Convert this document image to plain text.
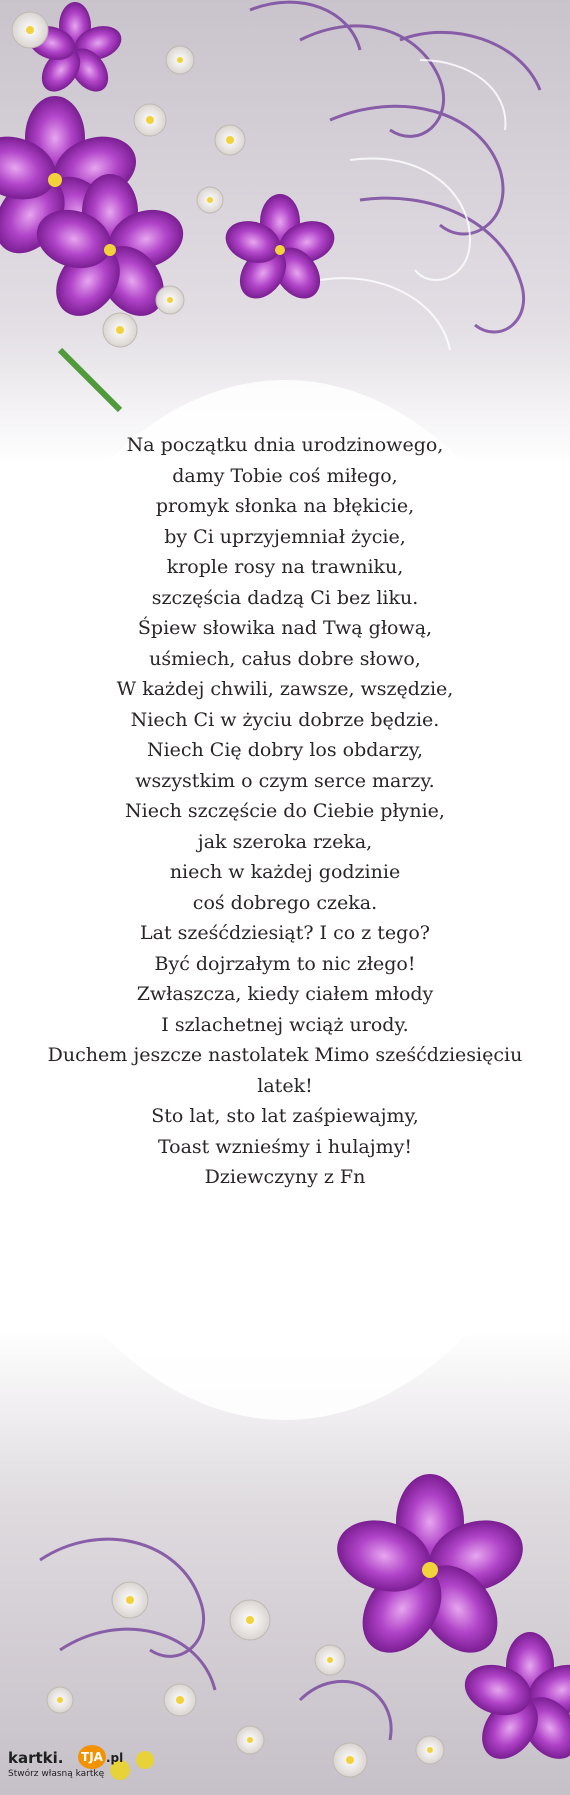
Na początku dnia urodzinowego,
damy Tobie coś miłego,
promyk słonka na błękicie,
by Ci uprzyjemniał życie,
krople rosy na trawniku,
szczęścia dadzą Ci bez liku.
Śpiew słowika nad Twą głową,
uśmiech, całus dobre słowo,
W każdej chwili, zawsze, wszędzie,
Niech Ci w życiu dobrze będzie.
Niech Cię dobry los obdarzy,
wszystkim o czym serce marzy.
Niech szczęście do Ciebie płynie,
jak szeroka rzeka,
niech w każdej godzinie
coś dobrego czeka.
Lat sześćdziesiąt? I co z tego?
Być dojrzałym to nic złego!
Zwłaszcza, kiedy ciałem młody
I szlachetnej wciąż urody.
Duchem jeszcze nastolatek Mimo sześćdziesięciu latek!
Sto lat, sto lat zaśpiewajmy,
Toast wznieśmy i hulajmy!
Dziewczyny z Fn
kartki. TJA .pl
Stwórz własną kartkę
